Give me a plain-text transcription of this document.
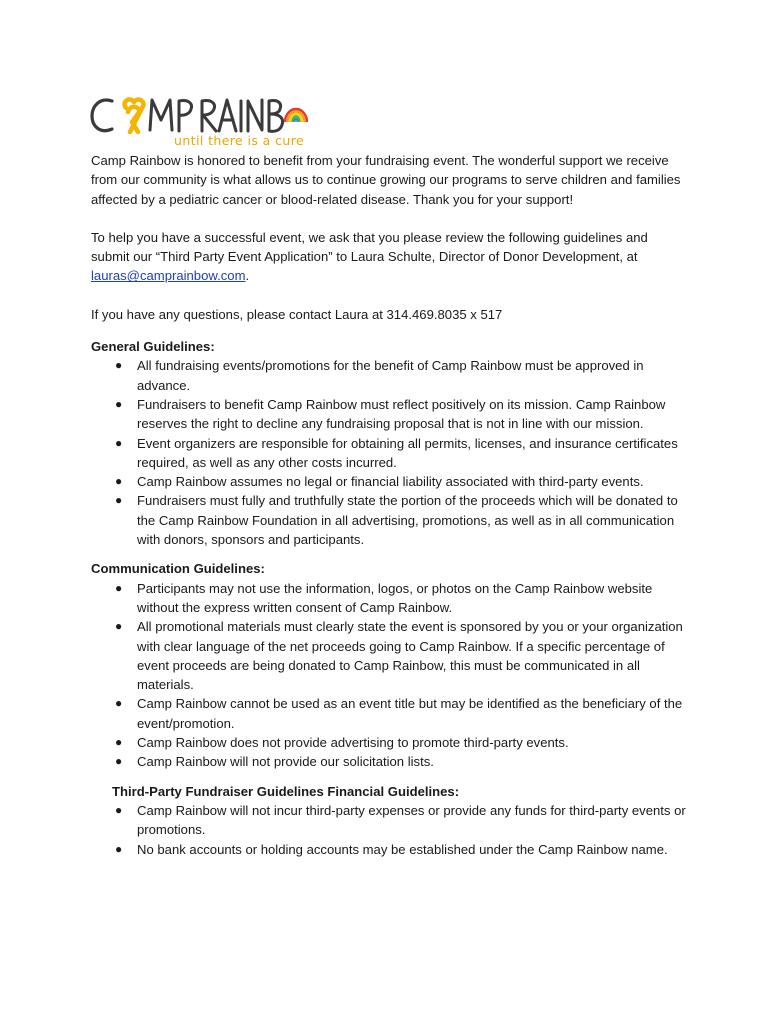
until there is a cure

Camp Rainbow is honored to benefit from your fundraising event. The wonderful support we receive from our community is what allows us to continue growing our programs to serve children and families affected by a pediatric cancer or blood-related disease. Thank you for your support!

To help you have a successful event, we ask that you please review the following guidelines and submit our “Third Party Event Application” to Laura Schulte, Director of Donor Development, at lauras@camprainbow.com.

If you have any questions, please contact Laura at 314.469.8035 x 517

General Guidelines:

● All fundraising events/promotions for the benefit of Camp Rainbow must be approved in advance.
● Fundraisers to benefit Camp Rainbow must reflect positively on its mission. Camp Rainbow reserves the right to decline any fundraising proposal that is not in line with our mission.
● Event organizers are responsible for obtaining all permits, licenses, and insurance certificates required, as well as any other costs incurred.
● Camp Rainbow assumes no legal or financial liability associated with third-party events.
● Fundraisers must fully and truthfully state the portion of the proceeds which will be donated to the Camp Rainbow Foundation in all advertising, promotions, as well as in all communication with donors, sponsors and participants.

Communication Guidelines:

● Participants may not use the information, logos, or photos on the Camp Rainbow website without the express written consent of Camp Rainbow.
● All promotional materials must clearly state the event is sponsored by you or your organization with clear language of the net proceeds going to Camp Rainbow. If a specific percentage of event proceeds are being donated to Camp Rainbow, this must be communicated in all materials.
● Camp Rainbow cannot be used as an event title but may be identified as the beneficiary of the event/promotion.
● Camp Rainbow does not provide advertising to promote third-party events.
● Camp Rainbow will not provide our solicitation lists.

Third-Party Fundraiser Guidelines Financial Guidelines:

● Camp Rainbow will not incur third-party expenses or provide any funds for third-party events or promotions.
● No bank accounts or holding accounts may be established under the Camp Rainbow name.
